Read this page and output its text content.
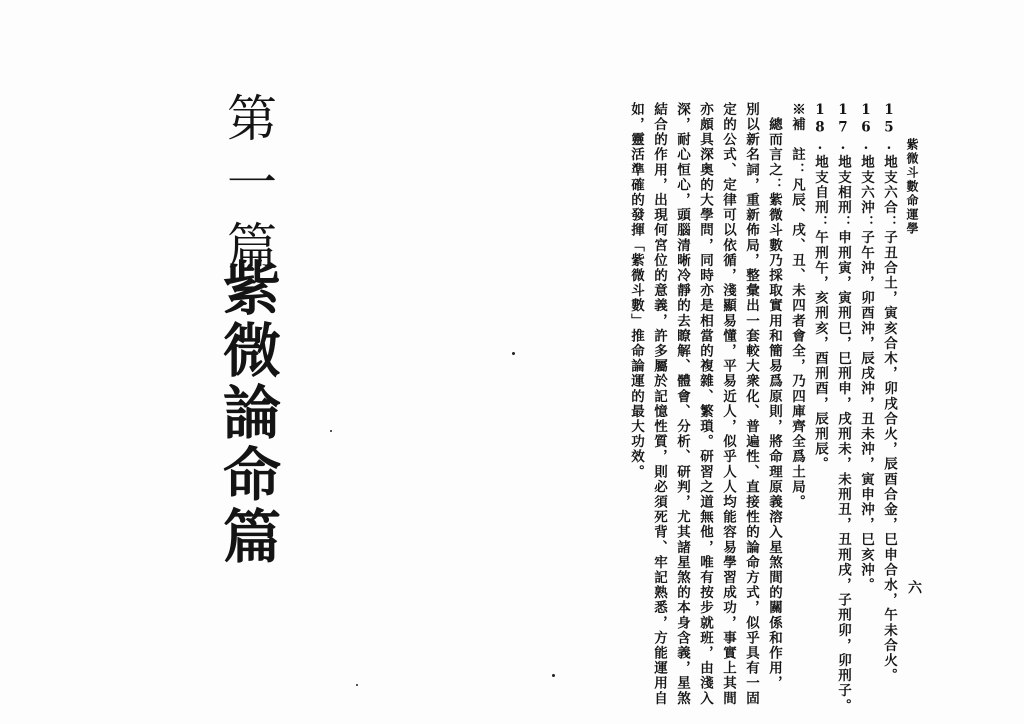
紫微斗數命運學
六
第一篇
紫微論命篇	15.地支六合：子丑合土，寅亥合木，卯戌合火，辰酉合金，巳申合水，午未合火。
16.地支六沖：子午沖，卯酉沖，辰戌沖，丑未沖，寅申沖，巳亥沖。
17.地支相刑：申刑寅，寅刑巳，巳刑申，戌刑未，未刑丑，丑刑戌，子刑卯，卯刑子。
18.地支自刑：午刑午，亥刑亥，酉刑酉，辰刑辰。
※補　註：凡辰、戌、丑、未四者會全，乃四庫齊全爲土局。
　總而言之：紫微斗數乃採取實用和簡易爲原則，將命理原義溶入星煞間的關係和作用，
別以新名詞，重新佈局，整彙出一套較大衆化、普遍性、直接性的論命方式，似乎具有一固
定的公式、定律可以依循，淺顯易懂，平易近人，似乎人人均能容易學習成功，事實上其間
亦頗具深奥的大學問，同時亦是相當的複雜、繁瑣。研習之道無他，唯有按步就班，由淺入
深，耐心恒心，頭腦清晰冷靜的去瞭解、體會、分析、研判，尤其諸星煞的本身含義，星煞
結合的作用，出現何宮位的意義，許多屬於記憶性質，則必須死背、牢記熟悉，方能運用自
如，靈活準確的發揮「紫微斗數」推命論運的最大功效。
